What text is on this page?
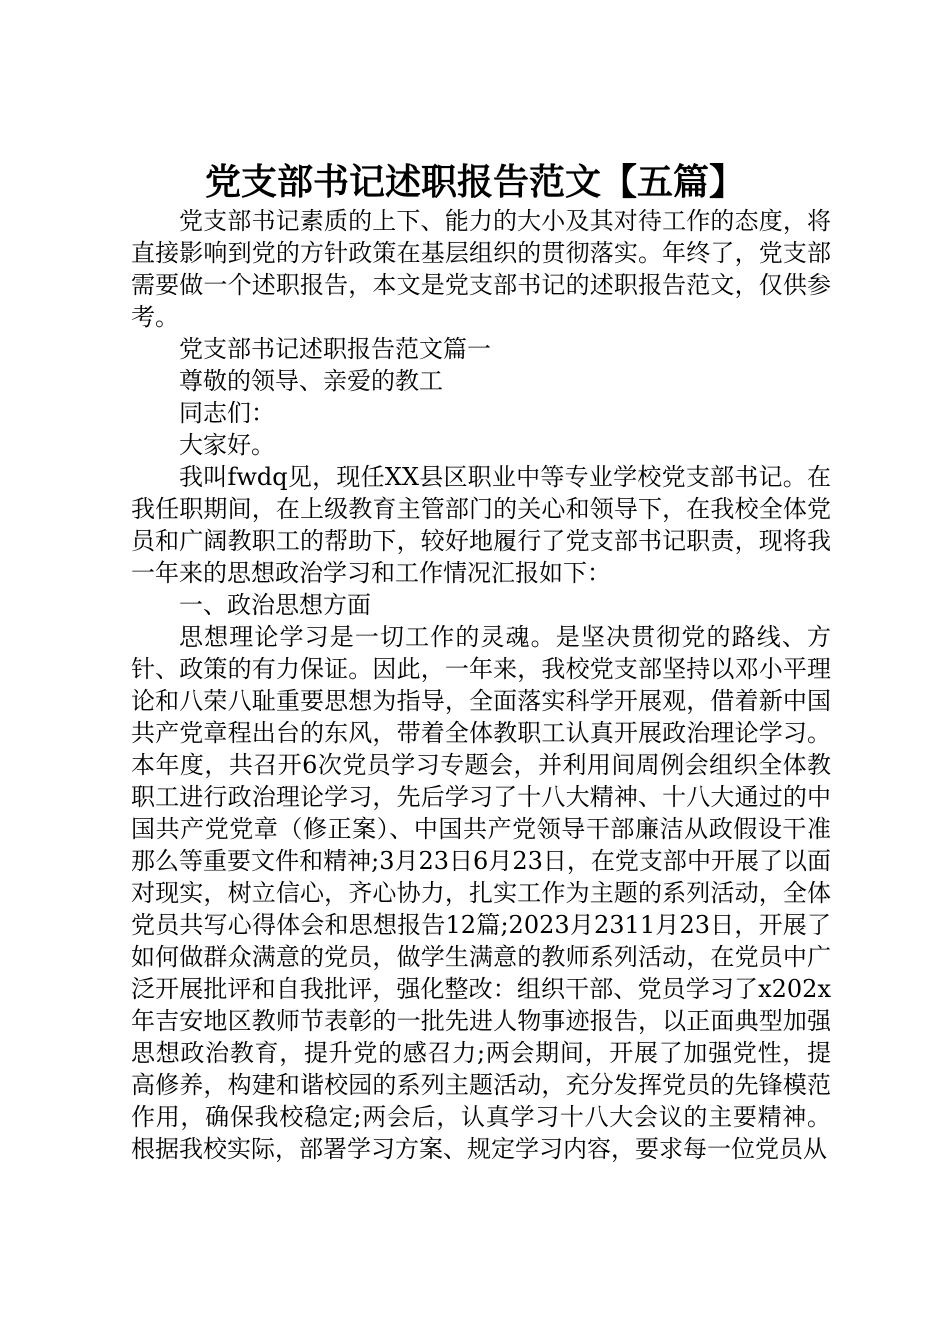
党支部书记述职报告范文【五篇】

党支部书记素质的上下、能力的大小及其对待工作的态度，将直接影响到党的方针政策在基层组织的贯彻落实。年终了，党支部需要做一个述职报告，本文是党支部书记的述职报告范文，仅供参考。

党支部书记述职报告范文篇一

尊敬的领导、亲爱的教工

同志们：

大家好。

我叫fwdq见，现任XX县区职业中等专业学校党支部书记。在我任职期间，在上级教育主管部门的关心和领导下，在我校全体党员和广阔教职工的帮助下，较好地履行了党支部书记职责，现将我一年来的思想政治学习和工作情况汇报如下：

一、政治思想方面

思想理论学习是一切工作的灵魂。是坚决贯彻党的路线、方针、政策的有力保证。因此，一年来，我校党支部坚持以邓小平理论和八荣八耻重要思想为指导，全面落实科学开展观，借着新中国共产党章程出台的东风，带着全体教职工认真开展政治理论学习。本年度，共召开6次党员学习专题会，并利用间周例会组织全体教职工进行政治理论学习，先后学习了十八大精神、十八大通过的中国共产党党章（修正案）、中国共产党领导干部廉洁从政假设干准那么等重要文件和精神;3月23日6月23日，在党支部中开展了以面对现实，树立信心，齐心协力，扎实工作为主题的系列活动，全体党员共写心得体会和思想报告12篇;2023月2311月23日，开展了如何做群众满意的党员，做学生满意的教师系列活动，在党员中广泛开展批评和自我批评，强化整改：组织干部、党员学习了x202x年吉安地区教师节表彰的一批先进人物事迹报告，以正面典型加强思想政治教育，提升党的感召力;两会期间，开展了加强党性，提高修养，构建和谐校园的系列主题活动，充分发挥党员的先锋模范作用，确保我校稳定;两会后，认真学习十八大会议的主要精神。根据我校实际，部署学习方案、规定学习内容，要求每一位党员从
